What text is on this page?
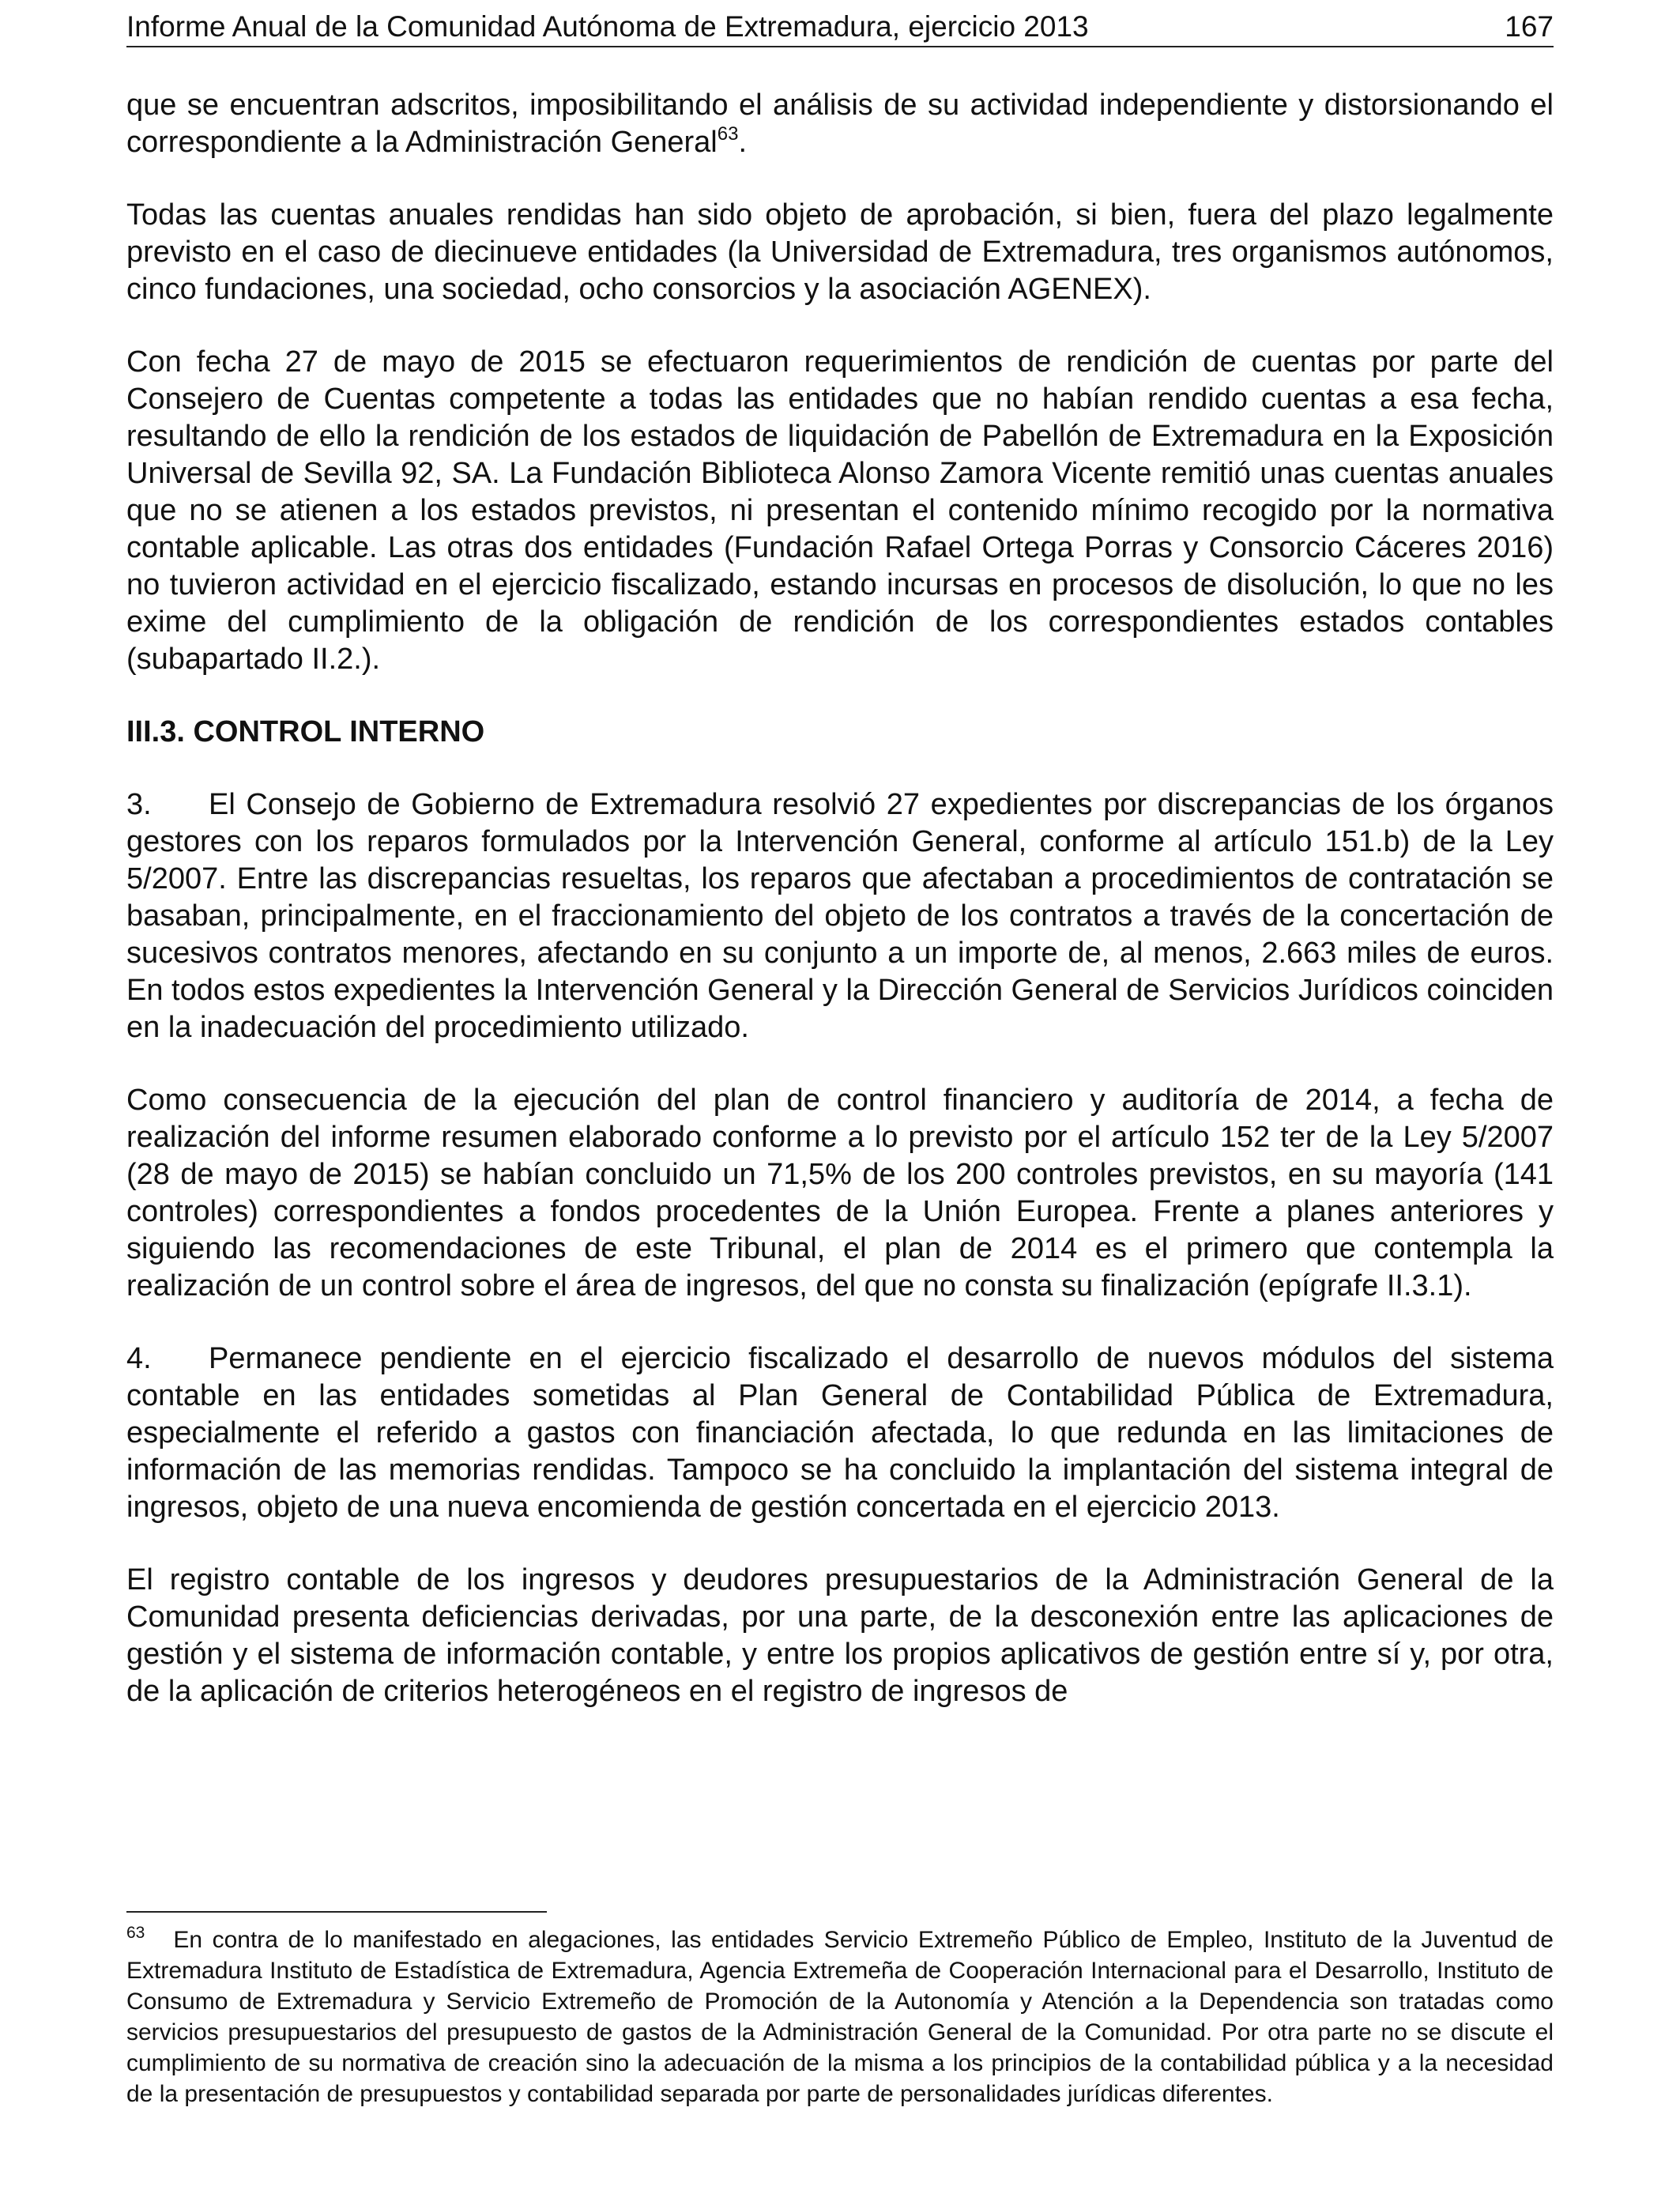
Informe Anual de la Comunidad Autónoma de Extremadura, ejercicio 2013	167

que se encuentran adscritos, imposibilitando el análisis de su actividad independiente y distorsionando el correspondiente a la Administración General$^{63}$.

Todas las cuentas anuales rendidas han sido objeto de aprobación, si bien, fuera del plazo legalmente previsto en el caso de diecinueve entidades (la Universidad de Extremadura, tres organismos autónomos, cinco fundaciones, una sociedad, ocho consorcios y la asociación AGENEX).

Con fecha 27 de mayo de 2015 se efectuaron requerimientos de rendición de cuentas por parte del Consejero de Cuentas competente a todas las entidades que no habían rendido cuentas a esa fecha, resultando de ello la rendición de los estados de liquidación de Pabellón de Extremadura en la Exposición Universal de Sevilla 92, SA. La Fundación Biblioteca Alonso Zamora Vicente remitió unas cuentas anuales que no se atienen a los estados previstos, ni presentan el contenido mínimo recogido por la normativa contable aplicable. Las otras dos entidades (Fundación Rafael Ortega Porras y Consorcio Cáceres 2016) no tuvieron actividad en el ejercicio fiscalizado, estando incursas en procesos de disolución, lo que no les exime del cumplimiento de la obligación de rendición de los correspondientes estados contables (subapartado II.2.).

III.3. CONTROL INTERNO

3. El Consejo de Gobierno de Extremadura resolvió 27 expedientes por discrepancias de los órganos gestores con los reparos formulados por la Intervención General, conforme al artículo 151.b) de la Ley 5/2007. Entre las discrepancias resueltas, los reparos que afectaban a procedimientos de contratación se basaban, principalmente, en el fraccionamiento del objeto de los contratos a través de la concertación de sucesivos contratos menores, afectando en su conjunto a un importe de, al menos, 2.663 miles de euros. En todos estos expedientes la Intervención General y la Dirección General de Servicios Jurídicos coinciden en la inadecuación del procedimiento utilizado.

Como consecuencia de la ejecución del plan de control financiero y auditoría de 2014, a fecha de realización del informe resumen elaborado conforme a lo previsto por el artículo 152 ter de la Ley 5/2007 (28 de mayo de 2015) se habían concluido un 71,5% de los 200 controles previstos, en su mayoría (141 controles) correspondientes a fondos procedentes de la Unión Europea. Frente a planes anteriores y siguiendo las recomendaciones de este Tribunal, el plan de 2014 es el primero que contempla la realización de un control sobre el área de ingresos, del que no consta su finalización (epígrafe II.3.1).

4. Permanece pendiente en el ejercicio fiscalizado el desarrollo de nuevos módulos del sistema contable en las entidades sometidas al Plan General de Contabilidad Pública de Extremadura, especialmente el referido a gastos con financiación afectada, lo que redunda en las limitaciones de información de las memorias rendidas. Tampoco se ha concluido la implantación del sistema integral de ingresos, objeto de una nueva encomienda de gestión concertada en el ejercicio 2013.

El registro contable de los ingresos y deudores presupuestarios de la Administración General de la Comunidad presenta deficiencias derivadas, por una parte, de la desconexión entre las aplicaciones de gestión y el sistema de información contable, y entre los propios aplicativos de gestión entre sí y, por otra, de la aplicación de criterios heterogéneos en el registro de ingresos de

$^{63}$ En contra de lo manifestado en alegaciones, las entidades Servicio Extremeño Público de Empleo, Instituto de la Juventud de Extremadura Instituto de Estadística de Extremadura, Agencia Extremeña de Cooperación Internacional para el Desarrollo, Instituto de Consumo de Extremadura y Servicio Extremeño de Promoción de la Autonomía y Atención a la Dependencia son tratadas como servicios presupuestarios del presupuesto de gastos de la Administración General de la Comunidad. Por otra parte no se discute el cumplimiento de su normativa de creación sino la adecuación de la misma a los principios de la contabilidad pública y a la necesidad de la presentación de presupuestos y contabilidad separada por parte de personalidades jurídicas diferentes.
